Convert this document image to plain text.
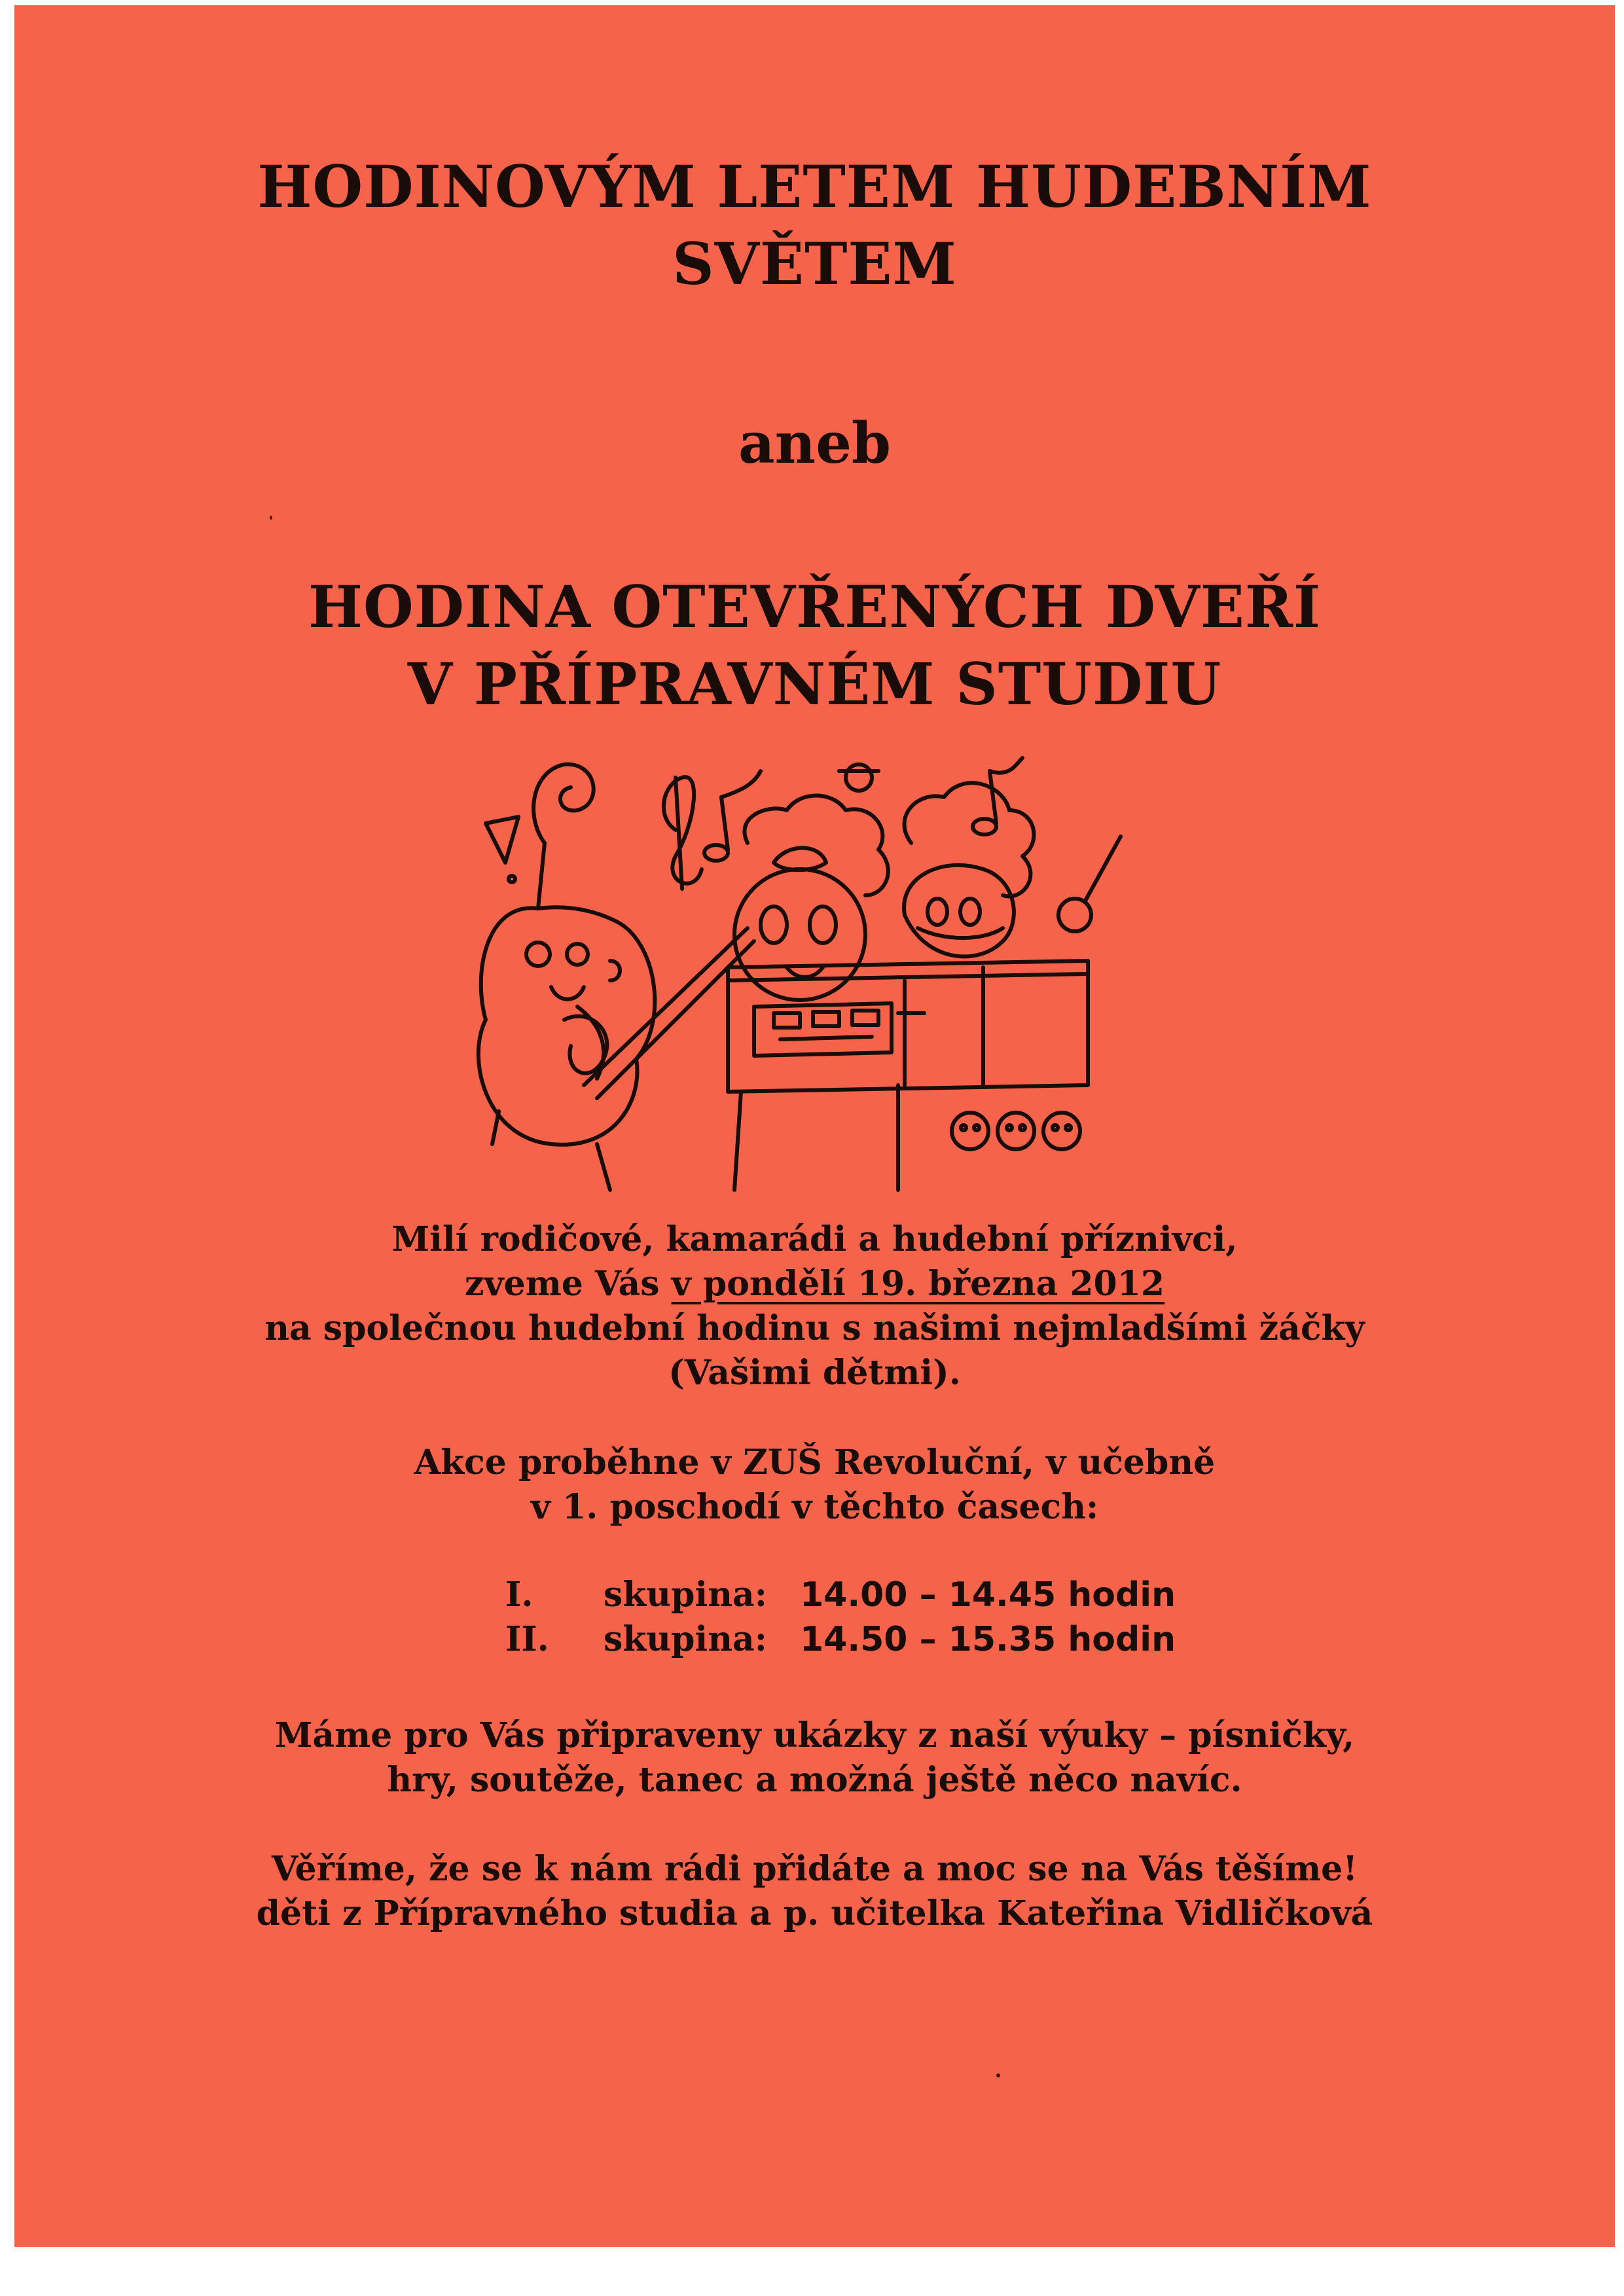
HODINOVÝM LETEM HUDEBNÍM
SVĚTEM
aneb
HODINA OTEVŘENÝCH DVEŘÍ
V PŘÍPRAVNÉM STUDIU

Milí rodičové, kamarádi a hudební příznivci,
zveme Vás v pondělí 19. března 2012
na společnou hudební hodinu s našimi nejmladšími žáčky
(Vašimi dětmi).

Akce proběhne v ZUŠ Revoluční, v učebně
v 1. poschodí v těchto časech:

I.	skupina: 14.00 – 14.45 hodin
II.	skupina: 14.50 – 15.35 hodin

Máme pro Vás připraveny ukázky z naší výuky – písničky,
hry, soutěže, tanec a možná ještě něco navíc.

Věříme, že se k nám rádi přidáte a moc se na Vás těšíme!
děti z Přípravného studia a p. učitelka Kateřina Vidličková
